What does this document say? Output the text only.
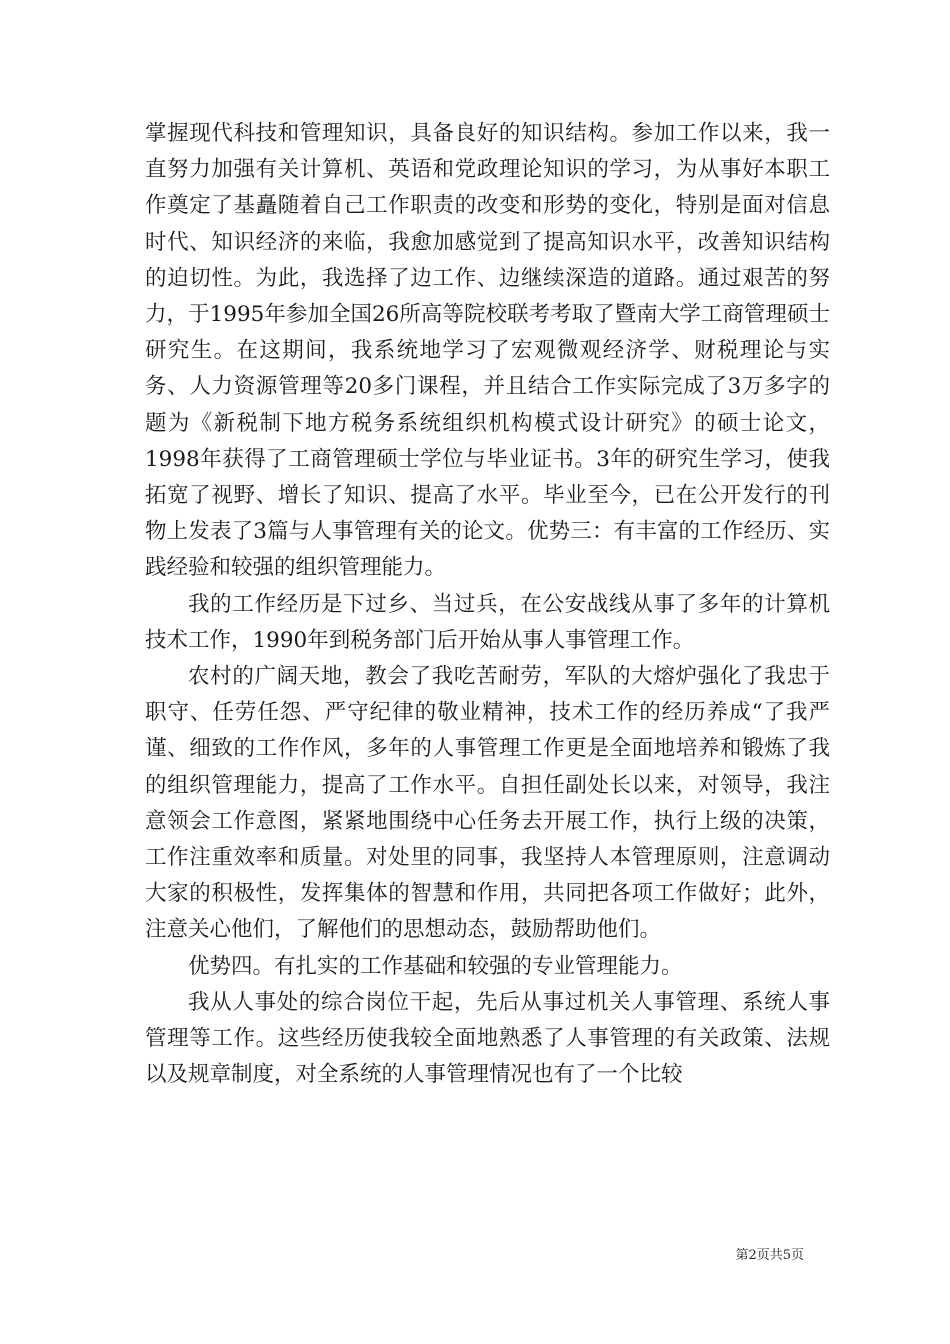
掌握现代科技和管理知识，具备良好的知识结构。参加工作以来，我一直努力加强有关计算机、英语和党政理论知识的学习，为从事好本职工作奠定了基矗随着自己工作职责的改变和形势的变化，特别是面对信息时代、知识经济的来临，我愈加感觉到了提高知识水平，改善知识结构的迫切性。为此，我选择了边工作、边继续深造的道路。通过艰苦的努力，于1995年参加全国26所高等院校联考考取了暨南大学工商管理硕士研究生。在这期间，我系统地学习了宏观微观经济学、财税理论与实务、人力资源管理等20多门课程，并且结合工作实际完成了3万多字的题为《新税制下地方税务系统组织机构模式设计研究》的硕士论文，1998年获得了工商管理硕士学位与毕业证书。3年的研究生学习，使我拓宽了视野、增长了知识、提高了水平。毕业至今，已在公开发行的刊物上发表了3篇与人事管理有关的论文。优势三：有丰富的工作经历、实践经验和较强的组织管理能力。

我的工作经历是下过乡、当过兵，在公安战线从事了多年的计算机技术工作，1990年到税务部门后开始从事人事管理工作。

农村的广阔天地，教会了我吃苦耐劳，军队的大熔炉强化了我忠于职守、任劳任怨、严守纪律的敬业精神，技术工作的经历养成“了我严谨、细致的工作作风，多年的人事管理工作更是全面地培养和锻炼了我的组织管理能力，提高了工作水平。自担任副处长以来，对领导，我注意领会工作意图，紧紧地围绕中心任务去开展工作，执行上级的决策，工作注重效率和质量。对处里的同事，我坚持人本管理原则，注意调动大家的积极性，发挥集体的智慧和作用，共同把各项工作做好；此外，注意关心他们，了解他们的思想动态，鼓励帮助他们。

优势四。有扎实的工作基础和较强的专业管理能力。

我从人事处的综合岗位干起，先后从事过机关人事管理、系统人事管理等工作。这些经历使我较全面地熟悉了人事管理的有关政策、法规以及规章制度，对全系统的人事管理情况也有了一个比较

第2页共5页
